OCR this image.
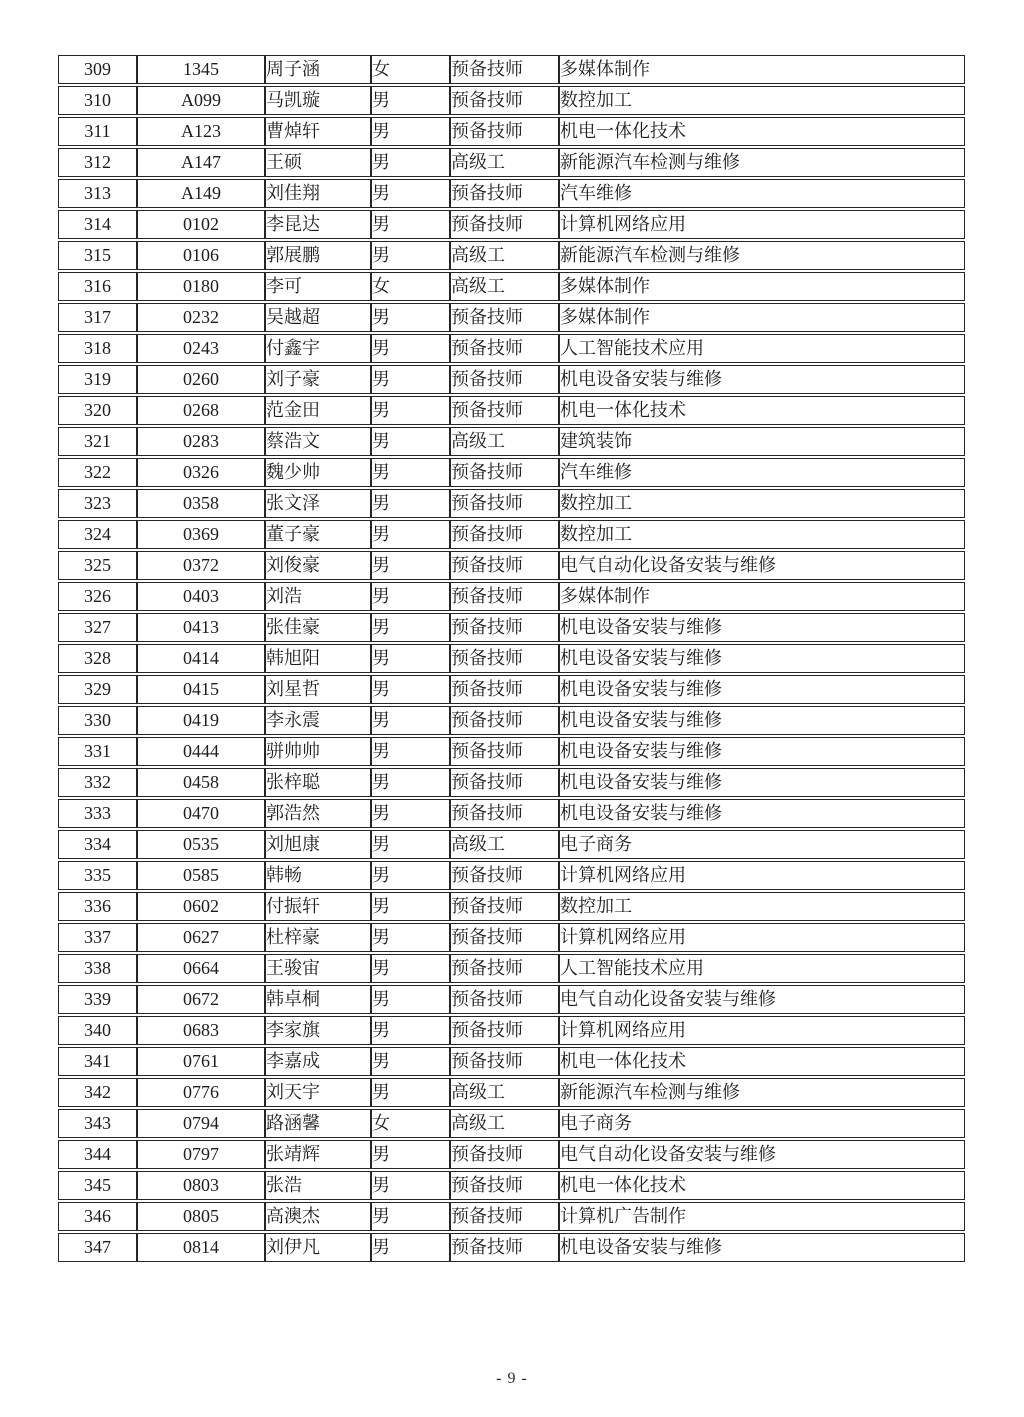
309	1345	周子涵	女	预备技师	多媒体制作
310	A099	马凯璇	男	预备技师	数控加工
311	A123	曹焯轩	男	预备技师	机电一体化技术
312	A147	王硕	男	高级工	新能源汽车检测与维修
313	A149	刘佳翔	男	预备技师	汽车维修
314	0102	李昆达	男	预备技师	计算机网络应用
315	0106	郭展鹏	男	高级工	新能源汽车检测与维修
316	0180	李可	女	高级工	多媒体制作
317	0232	吴越超	男	预备技师	多媒体制作
318	0243	付鑫宇	男	预备技师	人工智能技术应用
319	0260	刘子豪	男	预备技师	机电设备安装与维修
320	0268	范金田	男	预备技师	机电一体化技术
321	0283	蔡浩文	男	高级工	建筑装饰
322	0326	魏少帅	男	预备技师	汽车维修
323	0358	张文泽	男	预备技师	数控加工
324	0369	董子豪	男	预备技师	数控加工
325	0372	刘俊豪	男	预备技师	电气自动化设备安装与维修
326	0403	刘浩	男	预备技师	多媒体制作
327	0413	张佳豪	男	预备技师	机电设备安装与维修
328	0414	韩旭阳	男	预备技师	机电设备安装与维修
329	0415	刘星哲	男	预备技师	机电设备安装与维修
330	0419	李永震	男	预备技师	机电设备安装与维修
331	0444	骈帅帅	男	预备技师	机电设备安装与维修
332	0458	张梓聪	男	预备技师	机电设备安装与维修
333	0470	郭浩然	男	预备技师	机电设备安装与维修
334	0535	刘旭康	男	高级工	电子商务
335	0585	韩畅	男	预备技师	计算机网络应用
336	0602	付振轩	男	预备技师	数控加工
337	0627	杜梓豪	男	预备技师	计算机网络应用
338	0664	王骏宙	男	预备技师	人工智能技术应用
339	0672	韩卓桐	男	预备技师	电气自动化设备安装与维修
340	0683	李家旗	男	预备技师	计算机网络应用
341	0761	李嘉成	男	预备技师	机电一体化技术
342	0776	刘天宇	男	高级工	新能源汽车检测与维修
343	0794	路涵馨	女	高级工	电子商务
344	0797	张靖辉	男	预备技师	电气自动化设备安装与维修
345	0803	张浩	男	预备技师	机电一体化技术
346	0805	高澳杰	男	预备技师	计算机广告制作
347	0814	刘伊凡	男	预备技师	机电设备安装与维修
- 9 -
